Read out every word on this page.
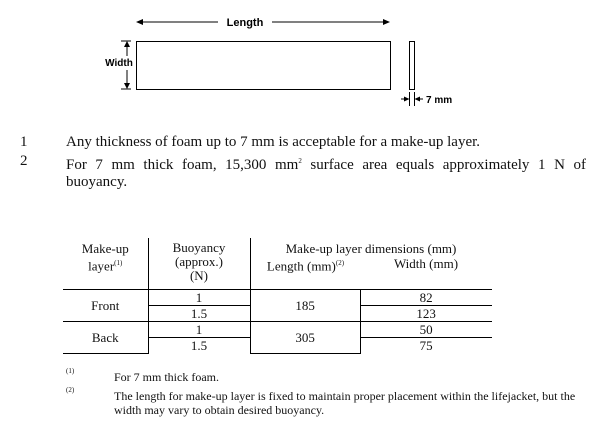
Length
Width
7 mm
1	Any thickness of foam up to 7 mm is acceptable for a make-up layer.
2	For 7 mm thick foam, 15,300 $mm^2$ surface area equals approximately 1 N of buoyancy.
Make-up layer$^{(1)}$	Buoyancy (approx.) (N)	Make-up layer dimensions (mm)
Length (mm)$^{(2)}$ Width (mm)	

Front	1	185	82
	1.5		123
Back	1	305	50
	1.5		75
(1)	For 7 mm thick foam.
(2)	The length for make-up layer is fixed to maintain proper placement within the lifejacket, but the width may vary to obtain desired buoyancy.
